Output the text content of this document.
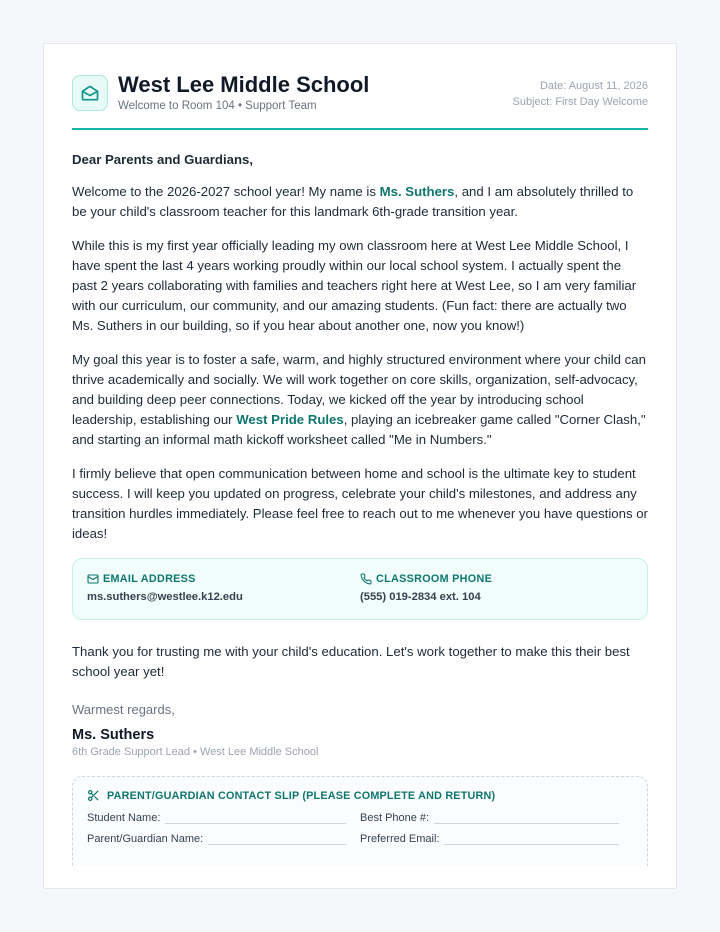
West Lee Middle School
Welcome to Room 104 • Support Team
Date: August 11, 2026
Subject: First Day Welcome
Dear Parents and Guardians,

Welcome to the 2026-2027 school year! My name is Ms. Suthers, and I am absolutely thrilled to be your child's classroom teacher for this landmark 6th-grade transition year.

While this is my first year officially leading my own classroom here at West Lee Middle School, I have spent the last 4 years working proudly within our local school system. I actually spent the past 2 years collaborating with families and teachers right here at West Lee, so I am very familiar with our curriculum, our community, and our amazing students. (Fun fact: there are actually two Ms. Suthers in our building, so if you hear about another one, now you know!)

My goal this year is to foster a safe, warm, and highly structured environment where your child can thrive academically and socially. We will work together on core skills, organization, self-advocacy, and building deep peer connections. Today, we kicked off the year by introducing school leadership, establishing our West Pride Rules, playing an icebreaker game called "Corner Clash," and starting an informal math kickoff worksheet called "Me in Numbers."

I firmly believe that open communication between home and school is the ultimate key to student success. I will keep you updated on progress, celebrate your child's milestones, and address any transition hurdles immediately. Please feel free to reach out to me whenever you have questions or ideas!

EMAIL ADDRESS
ms.suthers@westlee.k12.edu
CLASSROOM PHONE
(555) 019-2834 ext. 104
Thank you for trusting me with your child's education. Let's work together to make this their best school year yet!
Warmest regards,
Ms. Suthers
6th Grade Support Lead • West Lee Middle School
PARENT/GUARDIAN CONTACT SLIP (PLEASE COMPLETE AND RETURN)
Student Name:	Best Phone #:
Parent/Guardian Name:	Preferred Email:
